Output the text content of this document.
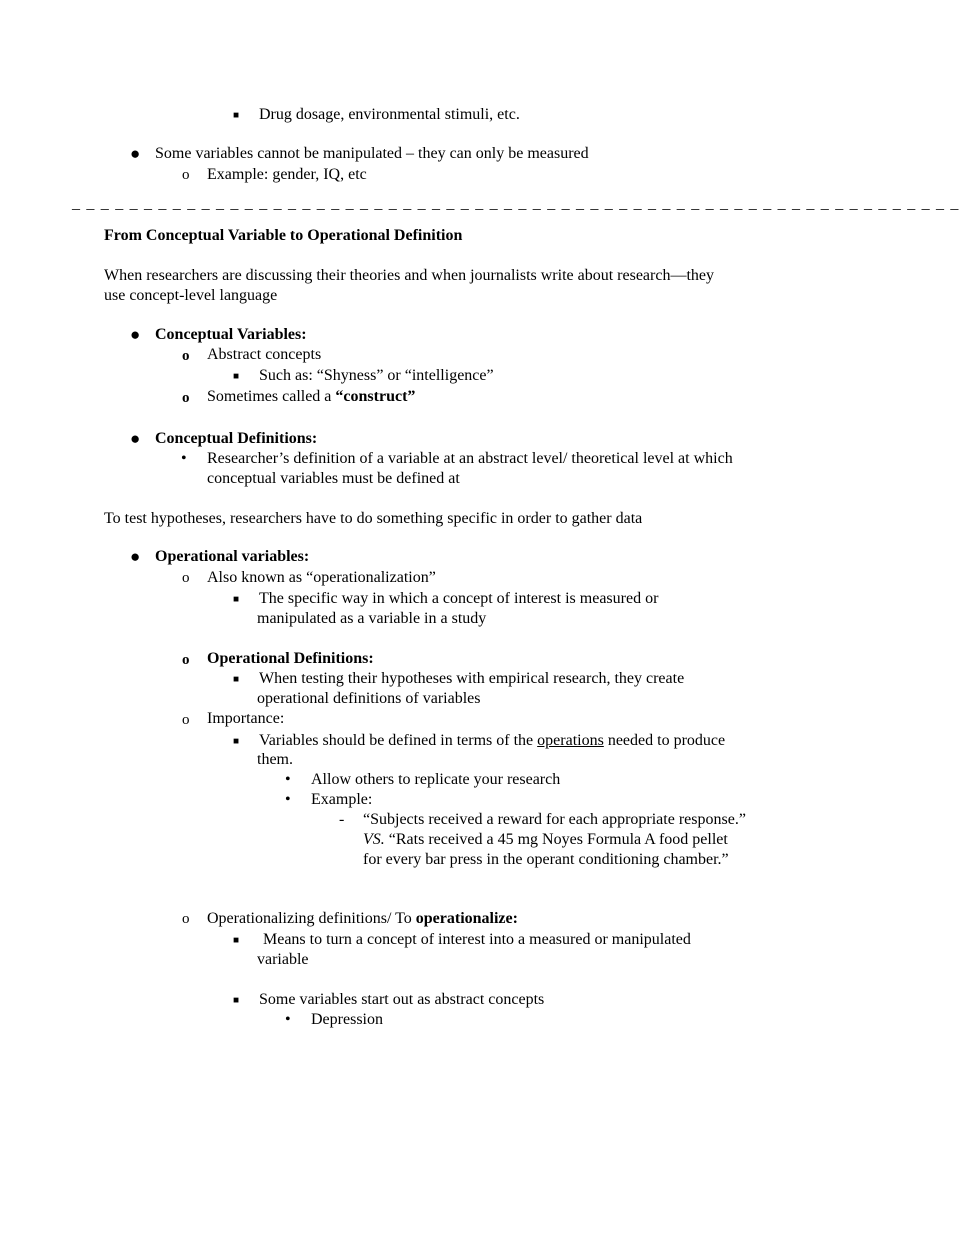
■ Drug dosage, environmental stimuli, etc.
● Some variables cannot be manipulated – they can only be measured
o Example: gender, IQ, etc
_ _ _ _ _ _ _ _ _ _ _ _ _ _ _ _ _ _ _ _ _ _ _ _ _ _ _ _ _ _ _ _ _ _ _ _ _ _ _ _ _ _ _ _ _ _ _ _ _ _ _ _ _ _ _ _ _ _ _ _ _ _
From Conceptual Variable to Operational Definition
When researchers are discussing their theories and when journalists write about research—they
use concept-level language
● Conceptual Variables:
o Abstract concepts
■ Such as: “Shyness” or “intelligence”
o Sometimes called a “construct”
● Conceptual Definitions:
• Researcher’s definition of a variable at an abstract level/ theoretical level at which
conceptual variables must be defined at
To test hypotheses, researchers have to do something specific in order to gather data
● Operational variables:
o Also known as “operationalization”
■ The specific way in which a concept of interest is measured or
manipulated as a variable in a study
o Operational Definitions:
■ When testing their hypotheses with empirical research, they create
operational definitions of variables
o Importance:
■ Variables should be defined in terms of the operations needed to produce
them.
• Allow others to replicate your research
• Example:
- “Subjects received a reward for each appropriate response.”
VS. “Rats received a 45 mg Noyes Formula A food pellet
for every bar press in the operant conditioning chamber.”
o Operationalizing definitions/ To operationalize:
■ Means to turn a concept of interest into a measured or manipulated
variable
■ Some variables start out as abstract concepts
• Depression
